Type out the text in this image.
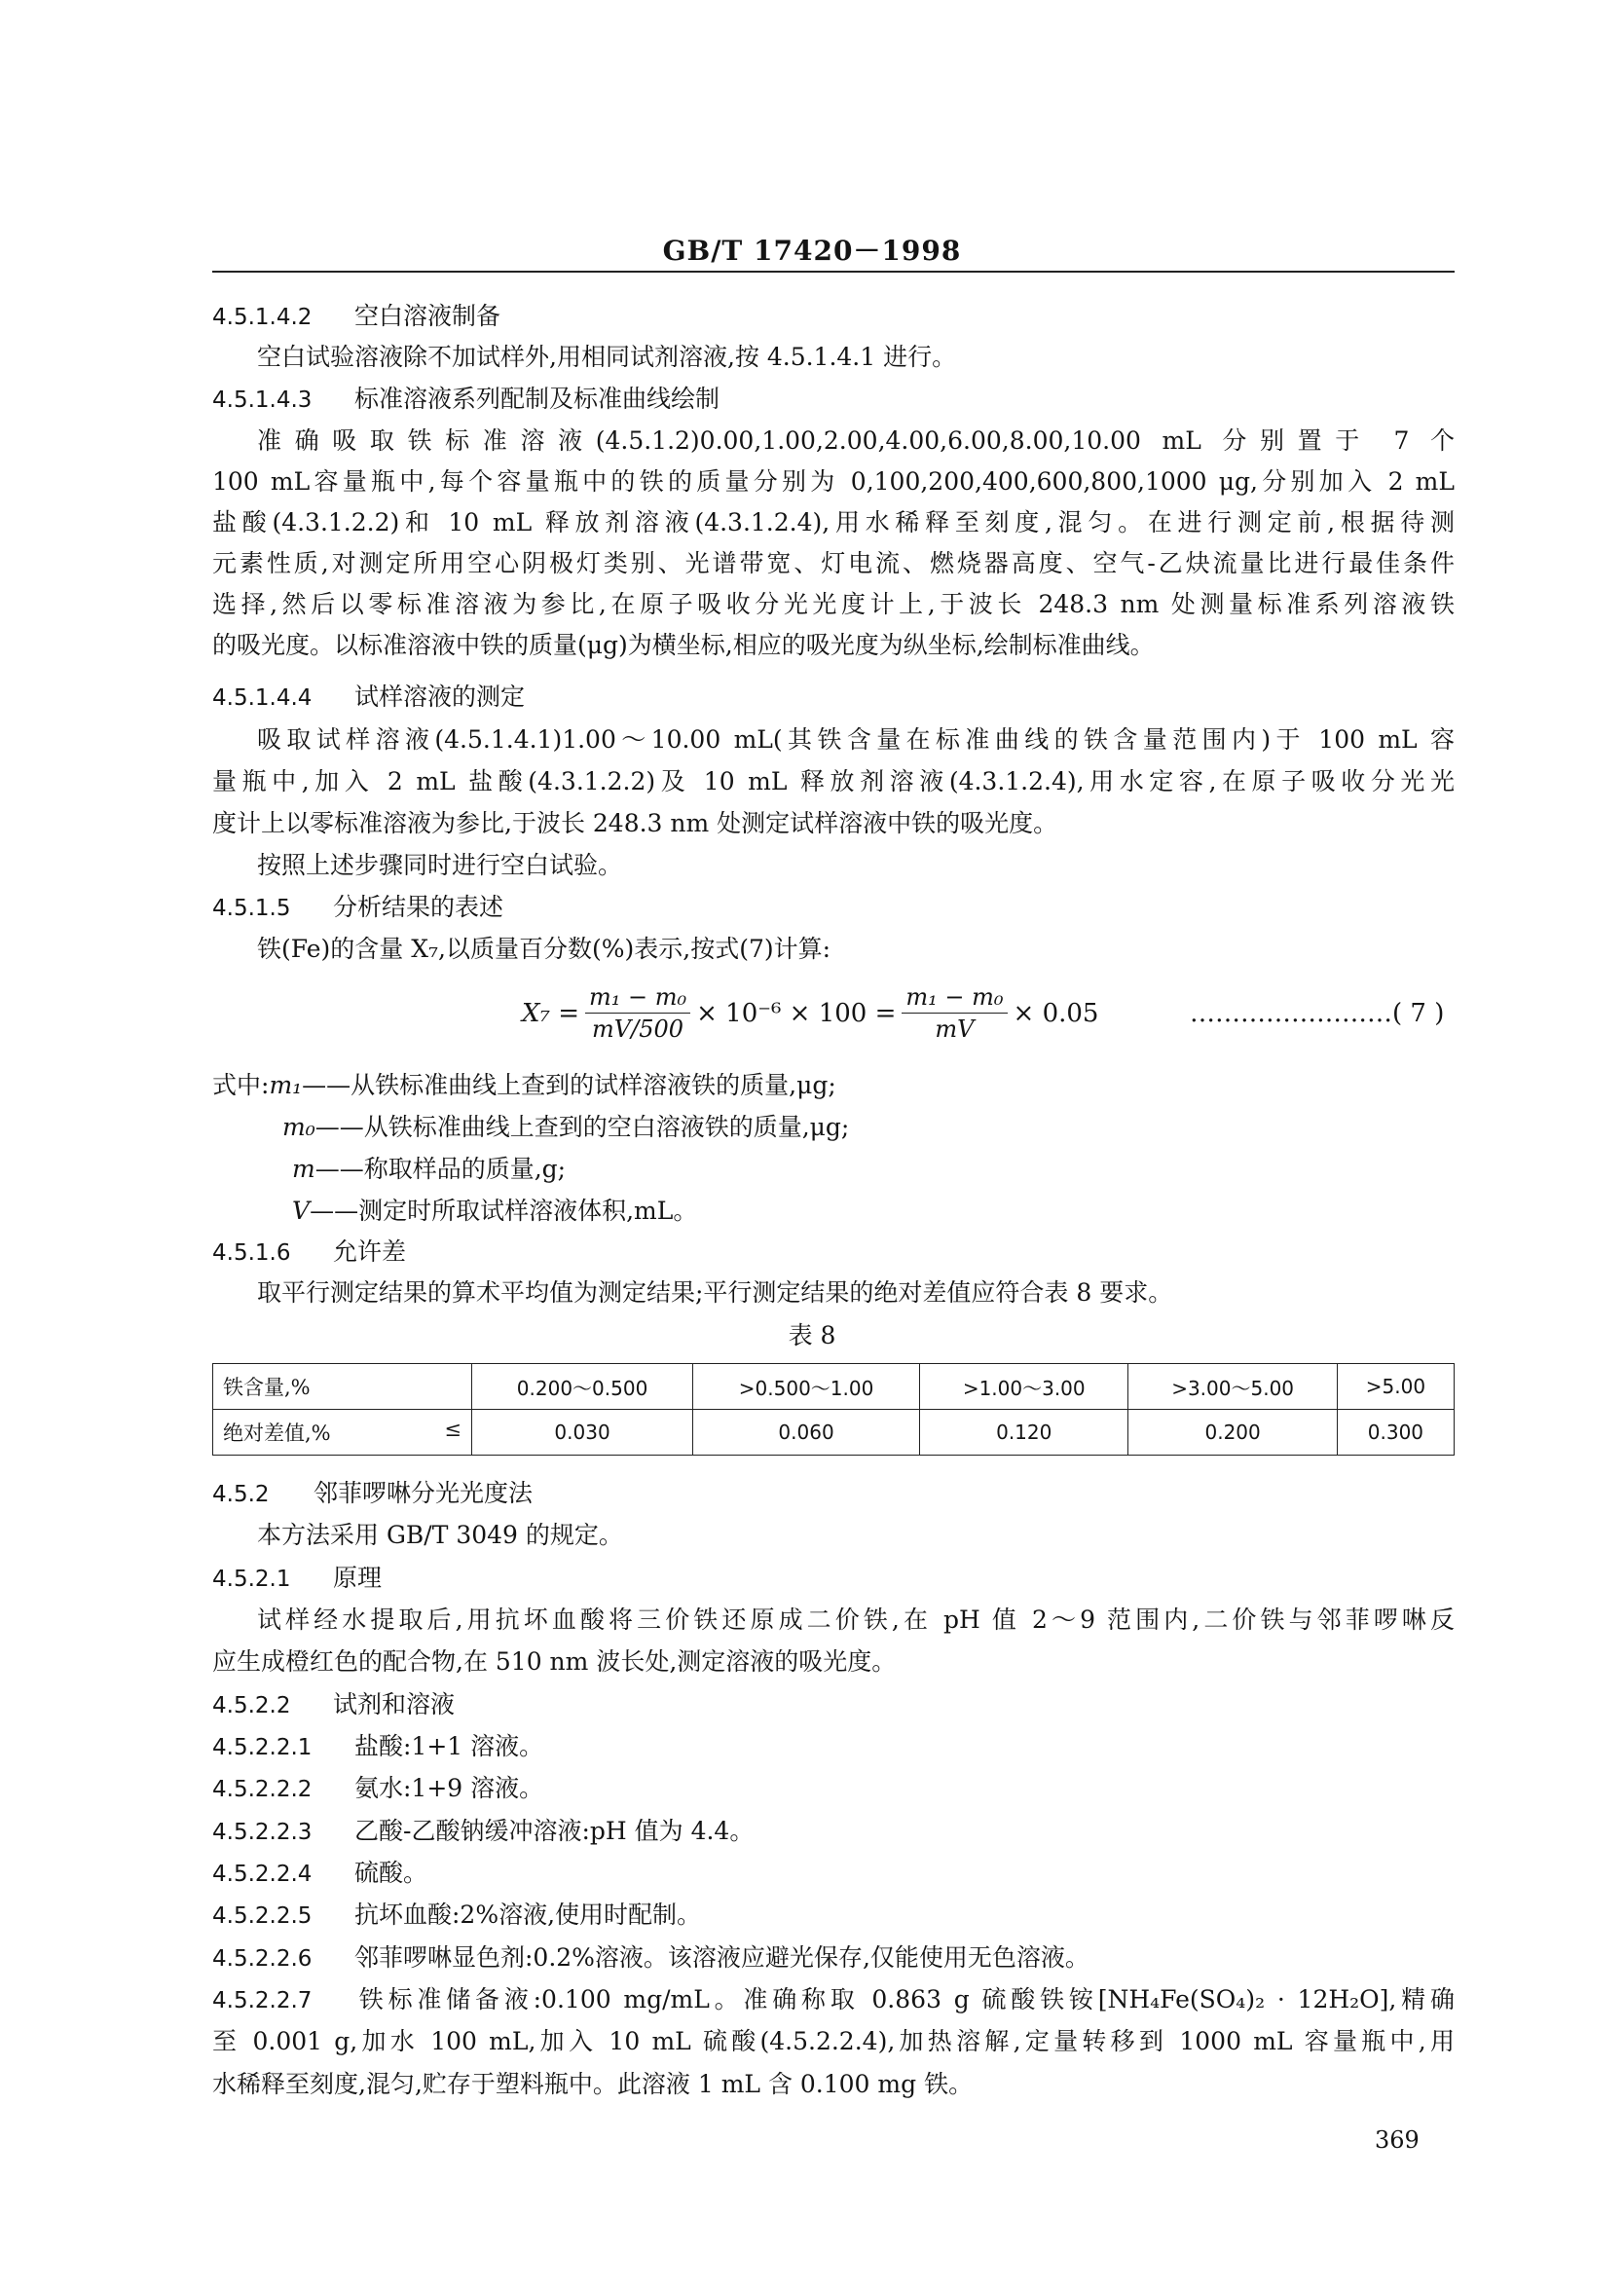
GB/T 17420－1998
4.5.1.4.2 空白溶液制备
空白试验溶液除不加试样外,用相同试剂溶液,按 4.5.1.4.1 进行。
4.5.1.4.3 标准溶液系列配制及标准曲线绘制
准确吸取铁标准溶液(4.5.1.2)0.00,1.00,2.00,4.00,6.00,8.00,10.00 mL 分别置于 7 个
100 mL容量瓶中,每个容量瓶中的铁的质量分别为 0,100,200,400,600,800,1000 μg,分别加入 2 mL
盐酸(4.3.1.2.2)和 10 mL 释放剂溶液(4.3.1.2.4),用水稀释至刻度,混匀。在进行测定前,根据待测
元素性质,对测定所用空心阴极灯类别、光谱带宽、灯电流、燃烧器高度、空气-乙炔流量比进行最佳条件
选择,然后以零标准溶液为参比,在原子吸收分光光度计上,于波长 248.3 nm 处测量标准系列溶液铁
的吸光度。以标准溶液中铁的质量(μg)为横坐标,相应的吸光度为纵坐标,绘制标准曲线。
4.5.1.4.4 试样溶液的测定
吸取试样溶液(4.5.1.4.1)1.00～10.00 mL(其铁含量在标准曲线的铁含量范围内)于 100 mL 容
量瓶中,加入 2 mL 盐酸(4.3.1.2.2)及 10 mL 释放剂溶液(4.3.1.2.4),用水定容,在原子吸收分光光
度计上以零标准溶液为参比,于波长 248.3 nm 处测定试样溶液中铁的吸光度。
按照上述步骤同时进行空白试验。
4.5.1.5 分析结果的表述
铁(Fe)的含量 X₇,以质量百分数(%)表示,按式(7)计算:
$X_7 = \frac{\text{m₁ − m₀}}{mV/500} \times 10^{-6} \times 100 = \frac{\text{m₁ − m₀}}{mV} \times 0.05$	……………………( 7 )
式中:m₁——从铁标准曲线上查到的试样溶液铁的质量,μg;
m₀——从铁标准曲线上查到的空白溶液铁的质量,μg;
m——称取样品的质量,g;
V——测定时所取试样溶液体积,mL。
4.5.1.6 允许差
取平行测定结果的算术平均值为测定结果;平行测定结果的绝对差值应符合表 8 要求。
表 8
铁含量,%	0.200～0.500	>0.500～1.00	>1.00～3.00	>3.00～5.00	>5.00
绝对差值,% ≤	0.030	0.060	0.120	0.200	0.300
4.5.2 邻菲啰啉分光光度法
本方法采用 GB/T 3049 的规定。
4.5.2.1 原理
试样经水提取后,用抗坏血酸将三价铁还原成二价铁,在 pH 值 2～9 范围内,二价铁与邻菲啰啉反
应生成橙红色的配合物,在 510 nm 波长处,测定溶液的吸光度。
4.5.2.2 试剂和溶液
4.5.2.2.1 盐酸:1+1 溶液。
4.5.2.2.2 氨水:1+9 溶液。
4.5.2.2.3 乙酸-乙酸钠缓冲溶液:pH 值为 4.4。
4.5.2.2.4 硫酸。
4.5.2.2.5 抗坏血酸:2%溶液,使用时配制。
4.5.2.2.6 邻菲啰啉显色剂:0.2%溶液。该溶液应避光保存,仅能使用无色溶液。
4.5.2.2.7 铁标准储备液:0.100 mg/mL。准确称取 0.863 g 硫酸铁铵[NH₄Fe(SO₄)₂ · 12H₂O],精确
至 0.001 g,加水 100 mL,加入 10 mL 硫酸(4.5.2.2.4),加热溶解,定量转移到 1000 mL 容量瓶中,用
水稀释至刻度,混匀,贮存于塑料瓶中。此溶液 1 mL 含 0.100 mg 铁。
369
